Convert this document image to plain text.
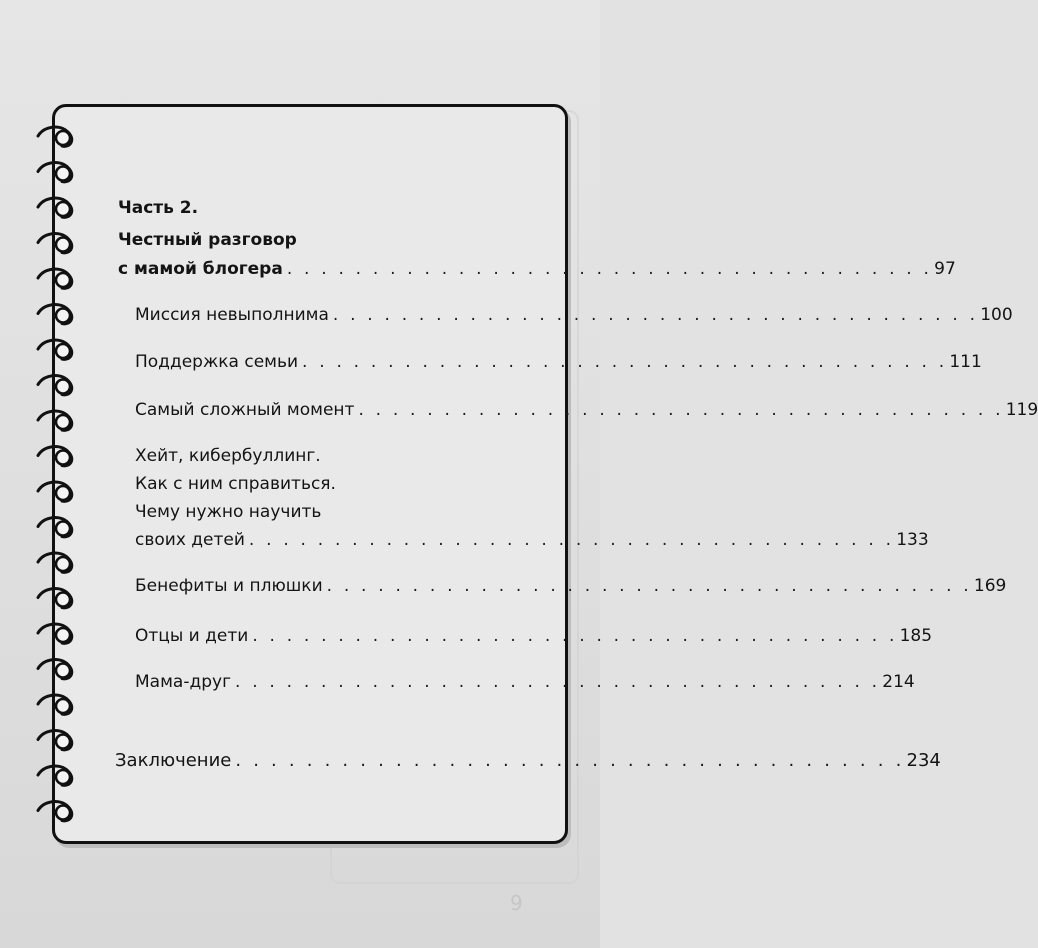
6
Часть 2.
Честный разговор
с мамой блогера . . . . . . . . . . . . . . . . . . . . . . . . . . . . . . . . . . . . . . 97
Миссия невыполнима . . . . . . . . . . . . . . . . . . . . . . . . . . . . . . . . . . . . . . 100
Поддержка семьи . . . . . . . . . . . . . . . . . . . . . . . . . . . . . . . . . . . . . . 111
Самый сложный момент . . . . . . . . . . . . . . . . . . . . . . . . . . . . . . . . . . . . . . 119
Хейт, кибербуллинг.
Как с ним справиться.
Чему нужно научить
своих детей . . . . . . . . . . . . . . . . . . . . . . . . . . . . . . . . . . . . . . 133
Бенефиты и плюшки . . . . . . . . . . . . . . . . . . . . . . . . . . . . . . . . . . . . . . 169
Отцы и дети . . . . . . . . . . . . . . . . . . . . . . . . . . . . . . . . . . . . . . 185
Мама-друг . . . . . . . . . . . . . . . . . . . . . . . . . . . . . . . . . . . . . . 214
Заключение . . . . . . . . . . . . . . . . . . . . . . . . . . . . . . . . . . . . . . 234
